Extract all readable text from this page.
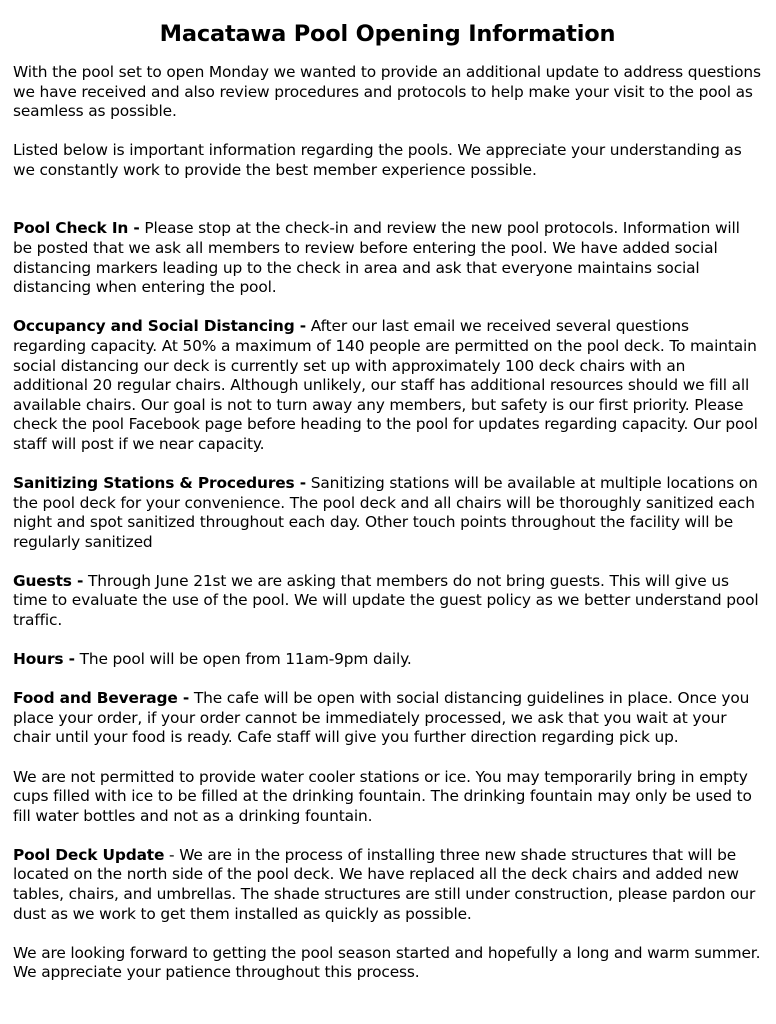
Macatawa Pool Opening Information

With the pool set to open Monday we wanted to provide an additional update to address questions we have received and also review procedures and protocols to help make your visit to the pool as seamless as possible.

Listed below is important information regarding the pools. We appreciate your understanding as we constantly work to provide the best member experience possible.

Pool Check In - Please stop at the check-in and review the new pool protocols. Information will be posted that we ask all members to review before entering the pool. We have added social distancing markers leading up to the check in area and ask that everyone maintains social distancing when entering the pool.

Occupancy and Social Distancing - After our last email we received several questions regarding capacity. At 50% a maximum of 140 people are permitted on the pool deck. To maintain social distancing our deck is currently set up with approximately 100 deck chairs with an additional 20 regular chairs. Although unlikely, our staff has additional resources should we fill all available chairs. Our goal is not to turn away any members, but safety is our first priority. Please check the pool Facebook page before heading to the pool for updates regarding capacity. Our pool staff will post if we near capacity.

Sanitizing Stations & Procedures - Sanitizing stations will be available at multiple locations on the pool deck for your convenience. The pool deck and all chairs will be thoroughly sanitized each night and spot sanitized throughout each day. Other touch points throughout the facility will be regularly sanitized

Guests - Through June 21st we are asking that members do not bring guests. This will give us time to evaluate the use of the pool. We will update the guest policy as we better understand pool traffic.

Hours - The pool will be open from 11am-9pm daily.

Food and Beverage - The cafe will be open with social distancing guidelines in place. Once you place your order, if your order cannot be immediately processed, we ask that you wait at your chair until your food is ready. Cafe staff will give you further direction regarding pick up.

We are not permitted to provide water cooler stations or ice. You may temporarily bring in empty cups filled with ice to be filled at the drinking fountain. The drinking fountain may only be used to fill water bottles and not as a drinking fountain.

Pool Deck Update - We are in the process of installing three new shade structures that will be located on the north side of the pool deck. We have replaced all the deck chairs and added new tables, chairs, and umbrellas. The shade structures are still under construction, please pardon our dust as we work to get them installed as quickly as possible.

We are looking forward to getting the pool season started and hopefully a long and warm summer. We appreciate your patience throughout this process.
